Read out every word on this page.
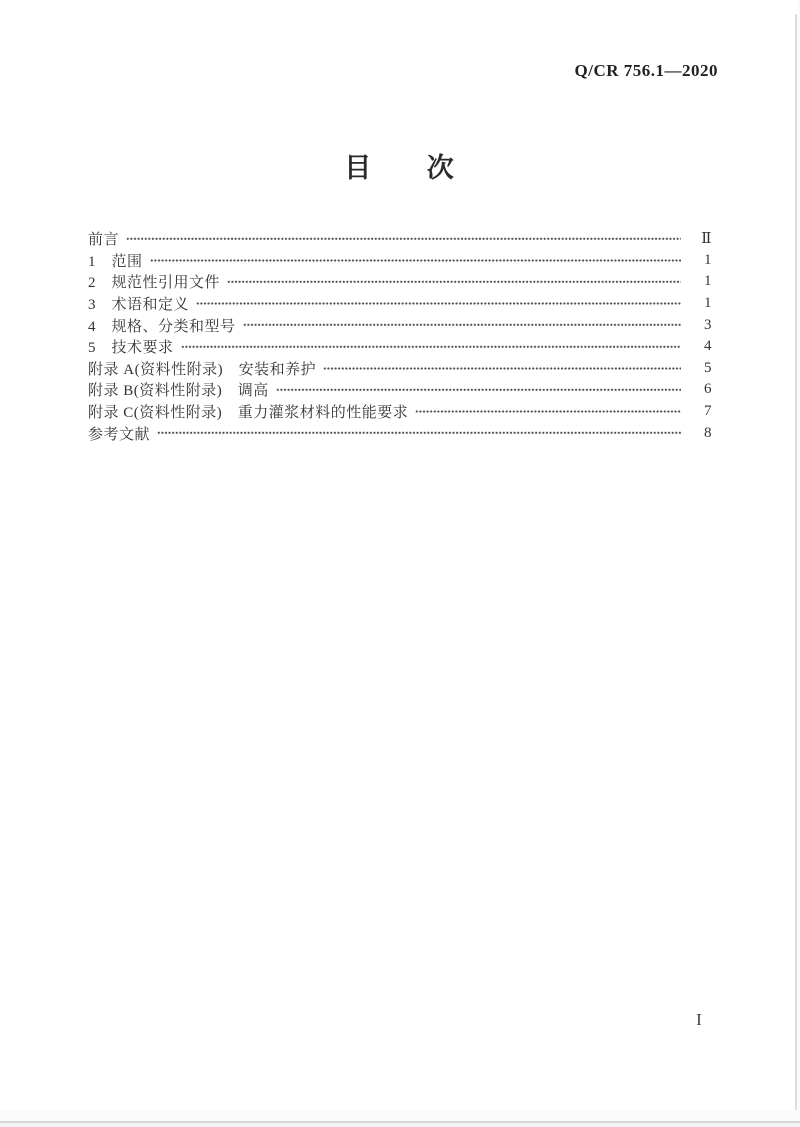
Q/CR 756.1—2020
目 次
前言	Ⅱ
1　范围	1
2　规范性引用文件	1
3　术语和定义	1
4　规格、分类和型号	3
5　技术要求	4
附录 A(资料性附录)　安装和养护	5
附录 B(资料性附录)　调高	6
附录 C(资料性附录)　重力灌浆材料的性能要求	7
参考文献	8
I
